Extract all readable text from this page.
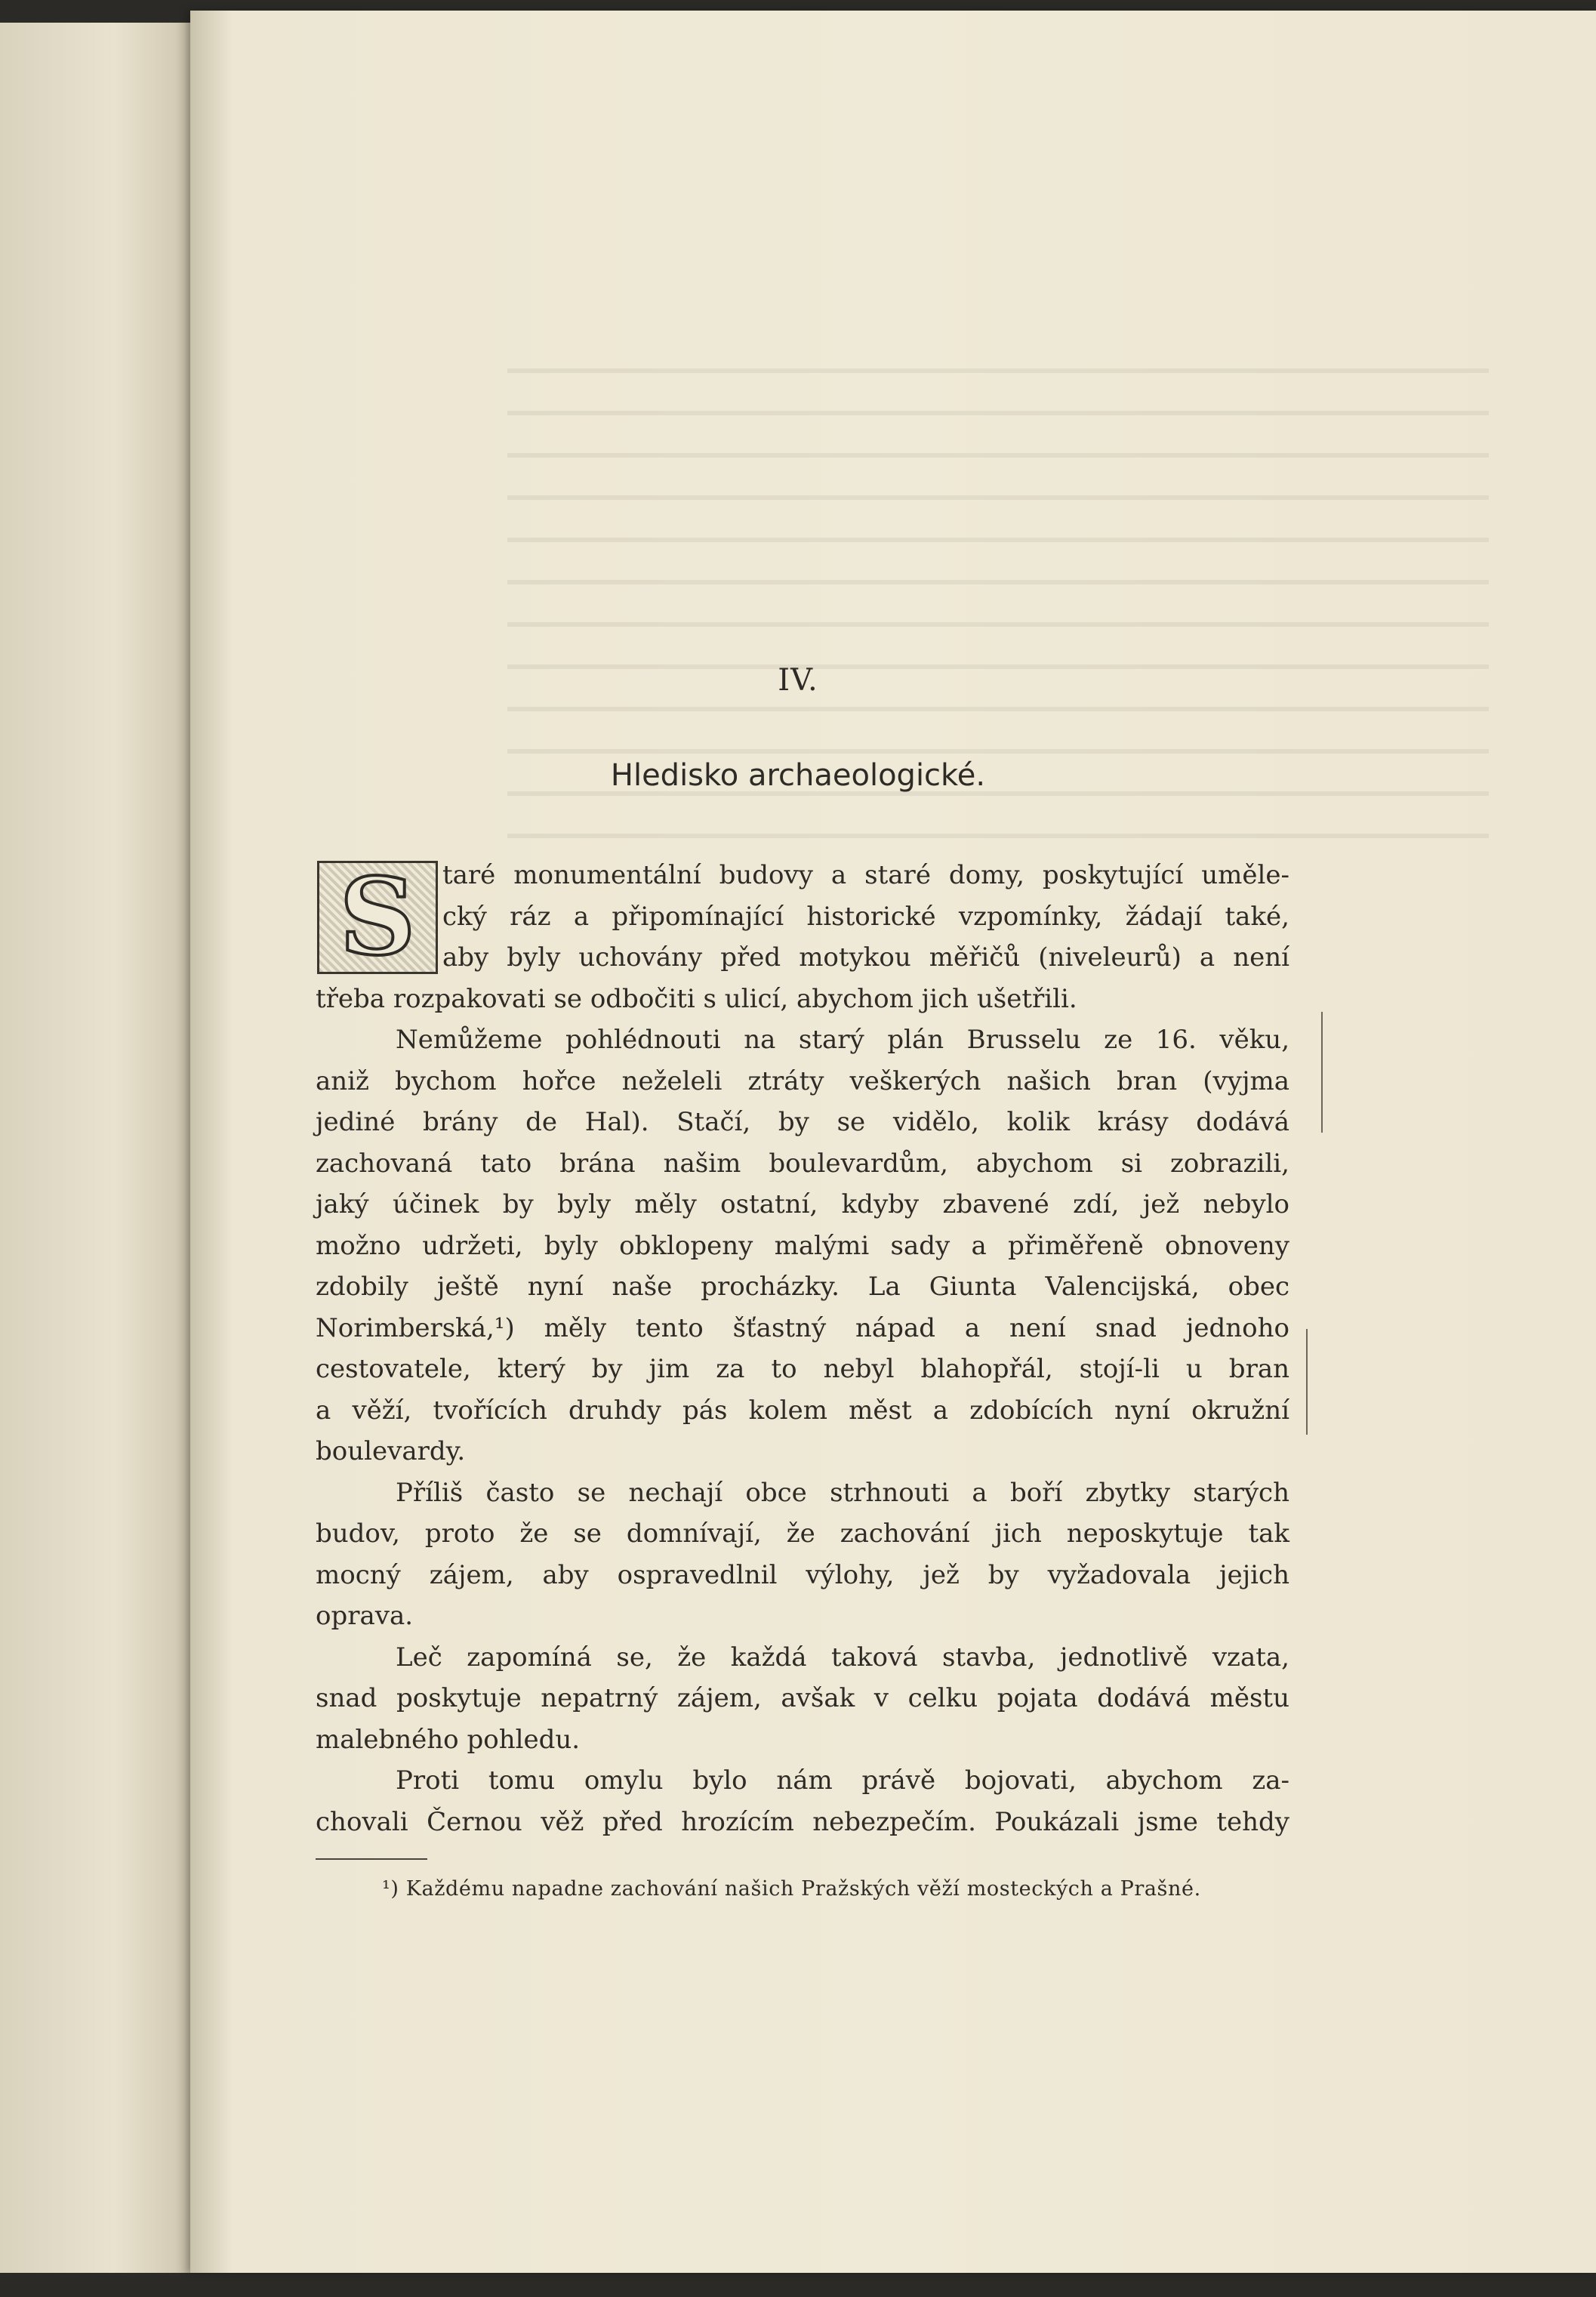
IV.
Hledisko archaeologické.
S	taré monumentální budovy a staré domy, poskytující uměle-
cký ráz a připomínající historické vzpomínky, žádají také,
aby byly uchovány před motykou měřičů (niveleurů) a není
třeba rozpakovati se odbočiti s ulicí, abychom jich ušetřili.
Nemůžeme pohlédnouti na starý plán Brusselu ze 16. věku,
aniž bychom hořce neželeli ztráty veškerých našich bran (vyjma
jediné brány de Hal). Stačí, by se vidělo, kolik krásy dodává
zachovaná tato brána našim boulevardům, abychom si zobrazili,
jaký účinek by byly měly ostatní, kdyby zbavené zdí, jež nebylo
možno udržeti, byly obklopeny malými sady a přiměřeně obnoveny
zdobily ještě nyní naše procházky. La Giunta Valencijská, obec
Norimberská,¹) měly tento šťastný nápad a není snad jednoho
cestovatele, který by jim za to nebyl blahopřál, stojí-li u bran
a věží, tvořících druhdy pás kolem měst a zdobících nyní okružní
boulevardy.
Příliš často se nechají obce strhnouti a boří zbytky starých
budov, proto že se domnívají, že zachování jich neposkytuje tak
mocný zájem, aby ospravedlnil výlohy, jež by vyžadovala jejich
oprava.
Leč zapomíná se, že každá taková stavba, jednotlivě vzata,
snad poskytuje nepatrný zájem, avšak v celku pojata dodává městu
malebného pohledu.
Proti tomu omylu bylo nám právě bojovati, abychom za-
chovali Černou věž před hrozícím nebezpečím. Poukázali jsme tehdy
¹) Každému napadne zachování našich Pražských věží mosteckých a Prašné.
